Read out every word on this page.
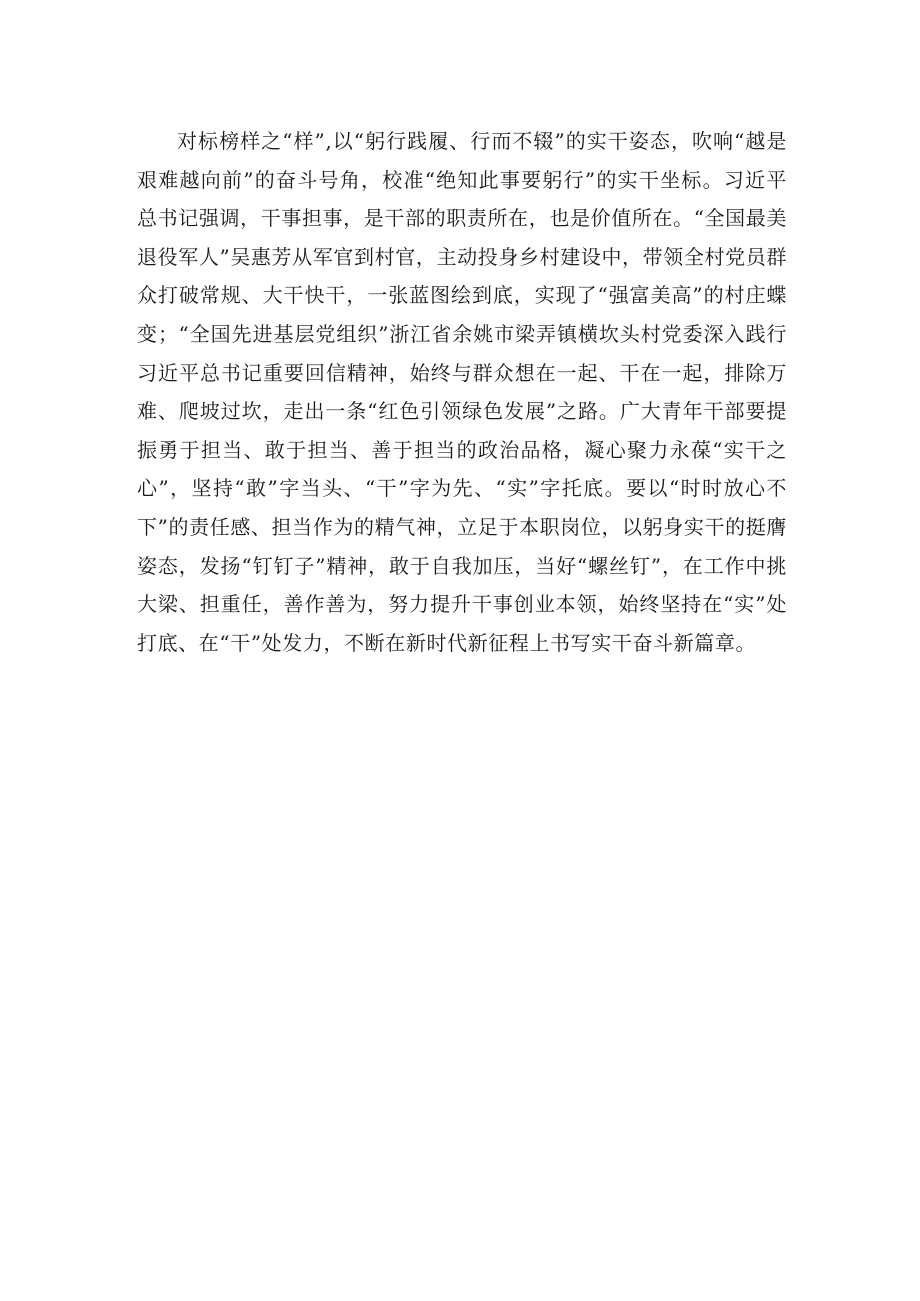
对标榜样之“样”,以“躬行践履、行而不辍”的实干姿态，吹响“越是艰难越向前”的奋斗号角，校准“绝知此事要躬行”的实干坐标。习近平总书记强调，干事担事，是干部的职责所在，也是价值所在。“全国最美退役军人”吴惠芳从军官到村官，主动投身乡村建设中，带领全村党员群众打破常规、大干快干，一张蓝图绘到底，实现了“强富美高”的村庄蝶变；“全国先进基层党组织”浙江省余姚市梁弄镇横坎头村党委深入践行习近平总书记重要回信精神，始终与群众想在一起、干在一起，排除万难、爬坡过坎，走出一条“红色引领绿色发展”之路。广大青年干部要提振勇于担当、敢于担当、善于担当的政治品格，凝心聚力永葆“实干之心”，坚持“敢”字当头、“干”字为先、“实”字托底。要以“时时放心不下”的责任感、担当作为的精气神，立足于本职岗位，以躬身实干的挺膺姿态，发扬“钉钉子”精神，敢于自我加压，当好“螺丝钉”，在工作中挑大梁、担重任，善作善为，努力提升干事创业本领，始终坚持在“实”处打底、在“干”处发力，不断在新时代新征程上书写实干奋斗新篇章。
